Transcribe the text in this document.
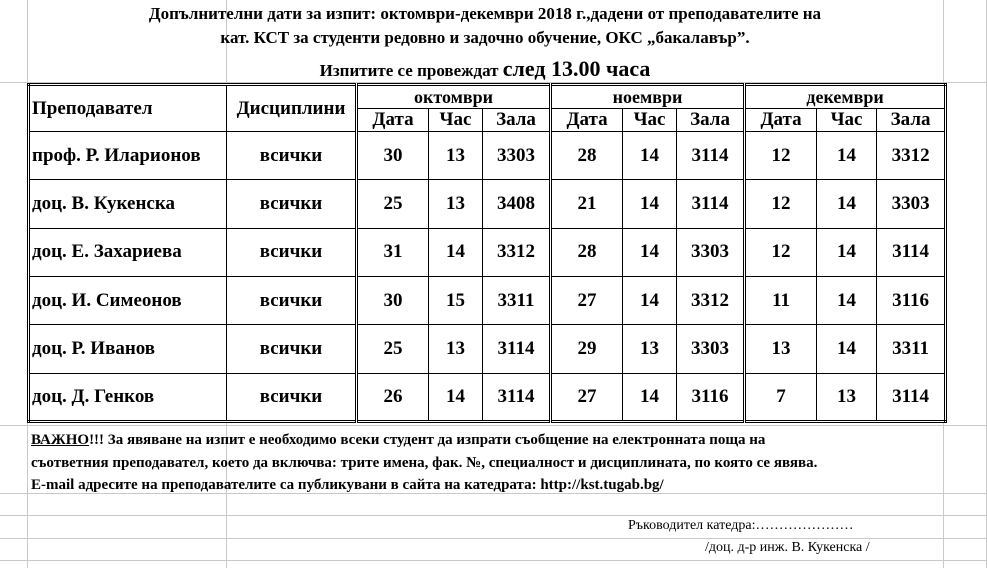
Допълнителни дати за изпит: октомври-декември 2018 г.,дадени от преподавателите на
кат. КСТ за студенти редовно и задочно обучение, ОКС „бакалавър”.
Изпитите се провеждат след 13.00 часа
Преподавател	Дисциплини	октомври			ноември			декември		
		Дата	Час	Зала	Дата	Час	Зала	Дата	Час	Зала
проф. Р. Иларионов	всички	30	13	3303	28	14	3114	12	14	3312
доц. В. Кукенска	всички	25	13	3408	21	14	3114	12	14	3303
доц. Е. Захариева	всички	31	14	3312	28	14	3303	12	14	3114
доц. И. Симеонов	всички	30	15	3311	27	14	3312	11	14	3116
доц. Р. Иванов	всички	25	13	3114	29	13	3303	13	14	3311
доц. Д. Генков	всички	26	14	3114	27	14	3116	7	13	3114
ВАЖНО!!! За явяване на изпит е необходимо всеки студент да изпрати съобщение на електронната поща на
съответния преподавател, което да включва: трите имена, фак. №, специалност и дисциплината, по която се явява.
E-mail адресите на преподавателите са публикувани в сайта на катедрата: http://kst.tugab.bg/
Ръководител катедра:…………………
/доц. д-р инж. В. Кукенска /
